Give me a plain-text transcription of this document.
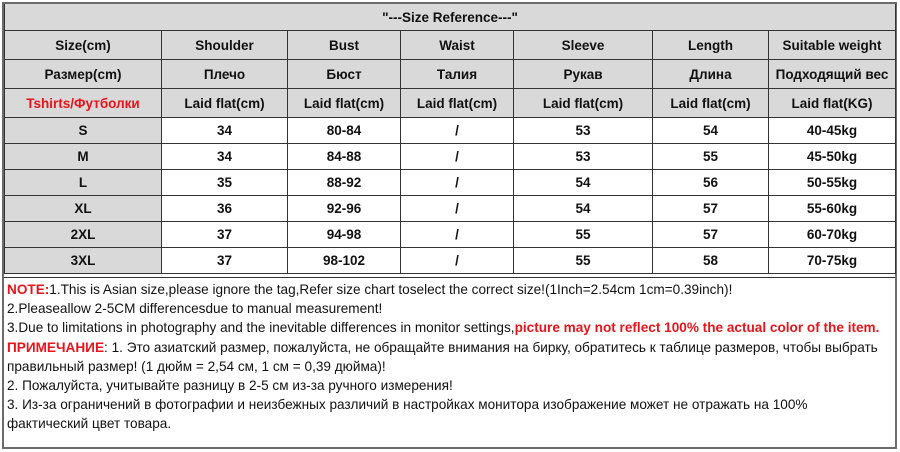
"---Size Reference---"						
Size(cm)	Shoulder	Bust	Waist	Sleeve	Length	Suitable weight
Размер(cm)	Плечо	Бюст	Талия	Рукав	Длина	Подходящий вес
Tshirts/Футболки	Laid flat(cm)	Laid flat(cm)	Laid flat(cm)	Laid flat(cm)	Laid flat(cm)	Laid flat(KG)
S	34	80-84	/	53	54	40-45kg
M	34	84-88	/	53	55	45-50kg
L	35	88-92	/	54	56	50-55kg
XL	36	92-96	/	54	57	55-60kg
2XL	37	94-98	/	55	57	60-70kg
3XL	37	98-102	/	55	58	70-75kg

NOTE:1.This is Asian size,please ignore the tag,Refer size chart toselect the correct size!(1Inch=2.54cm 1cm=0.39inch)!

2.Pleaseallow 2-5CM differencesdue to manual measurement!

3.Due to limitations in photography and the inevitable differences in monitor settings,picture may not reflect 100% the actual color of the item.

ПРИМЕЧАНИЕ: 1. Это азиатский размер, пожалуйста, не обращайте внимания на бирку, обратитесь к таблице размеров, чтобы выбрать правильный размер! (1 дюйм = 2,54 см, 1 см = 0,39 дюйма)!

2. Пожалуйста, учитывайте разницу в 2-5 см из-за ручного измерения!

3. Из-за ограничений в фотографии и неизбежных различий в настройках монитора изображение может не отражать на 100% фактический цвет товара.
